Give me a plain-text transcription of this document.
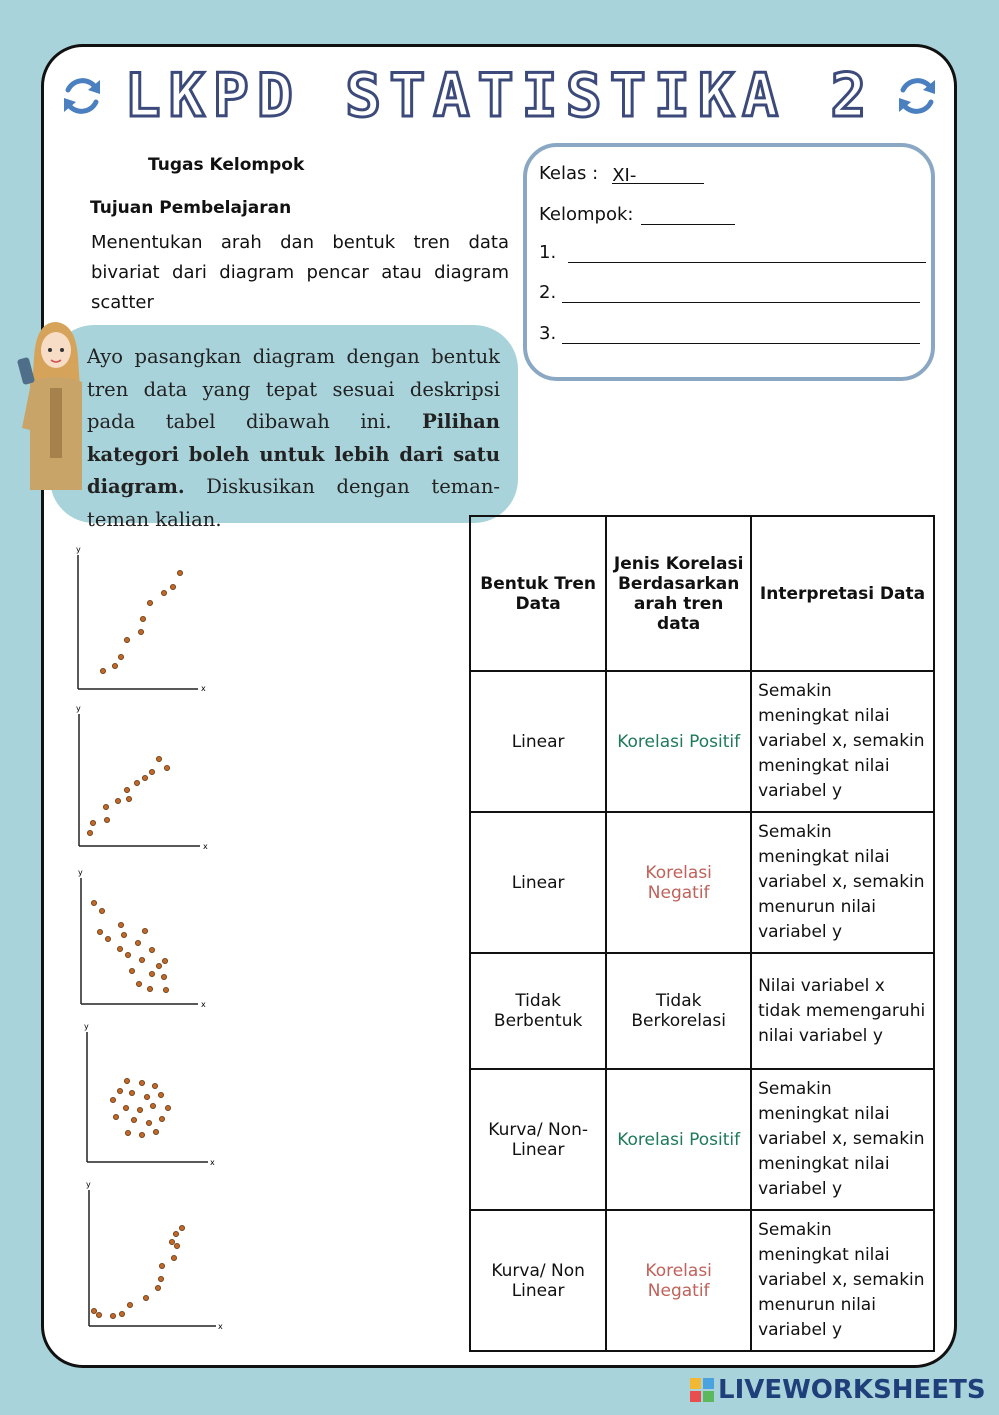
LKPD STATISTIKA 2
Tugas Kelompok
Tujuan Pembelajaran
Menentukan arah dan bentuk tren data bivariat dari diagram pencar atau diagram scatter
Kelas : XI-
Kelompok:
1.
2.
3.
Ayo pasangkan diagram dengan bentuk tren data yang tepat sesuai deskripsi pada tabel dibawah ini. Pilihan kategori boleh untuk lebih dari satu diagram. Diskusikan dengan teman-teman kalian.
y
x
y
x
y
x
y
x
y
x
Bentuk Tren Data	Jenis Korelasi Berdasarkan arah tren data	Interpretasi Data
Linear	Korelasi Positif	Semakin meningkat nilai variabel x, semakin meningkat nilai variabel y
Linear	Korelasi Negatif	Semakin meningkat nilai variabel x, semakin menurun nilai variabel y
Tidak Berbentuk	Tidak Berkorelasi	Nilai variabel x tidak memengaruhi nilai variabel y
Kurva/ Non-Linear	Korelasi Positif	Semakin meningkat nilai variabel x, semakin meningkat nilai variabel y
Kurva/ Non Linear	Korelasi Negatif	Semakin meningkat nilai variabel x, semakin menurun nilai variabel y
LIVEWORKSHEETS
